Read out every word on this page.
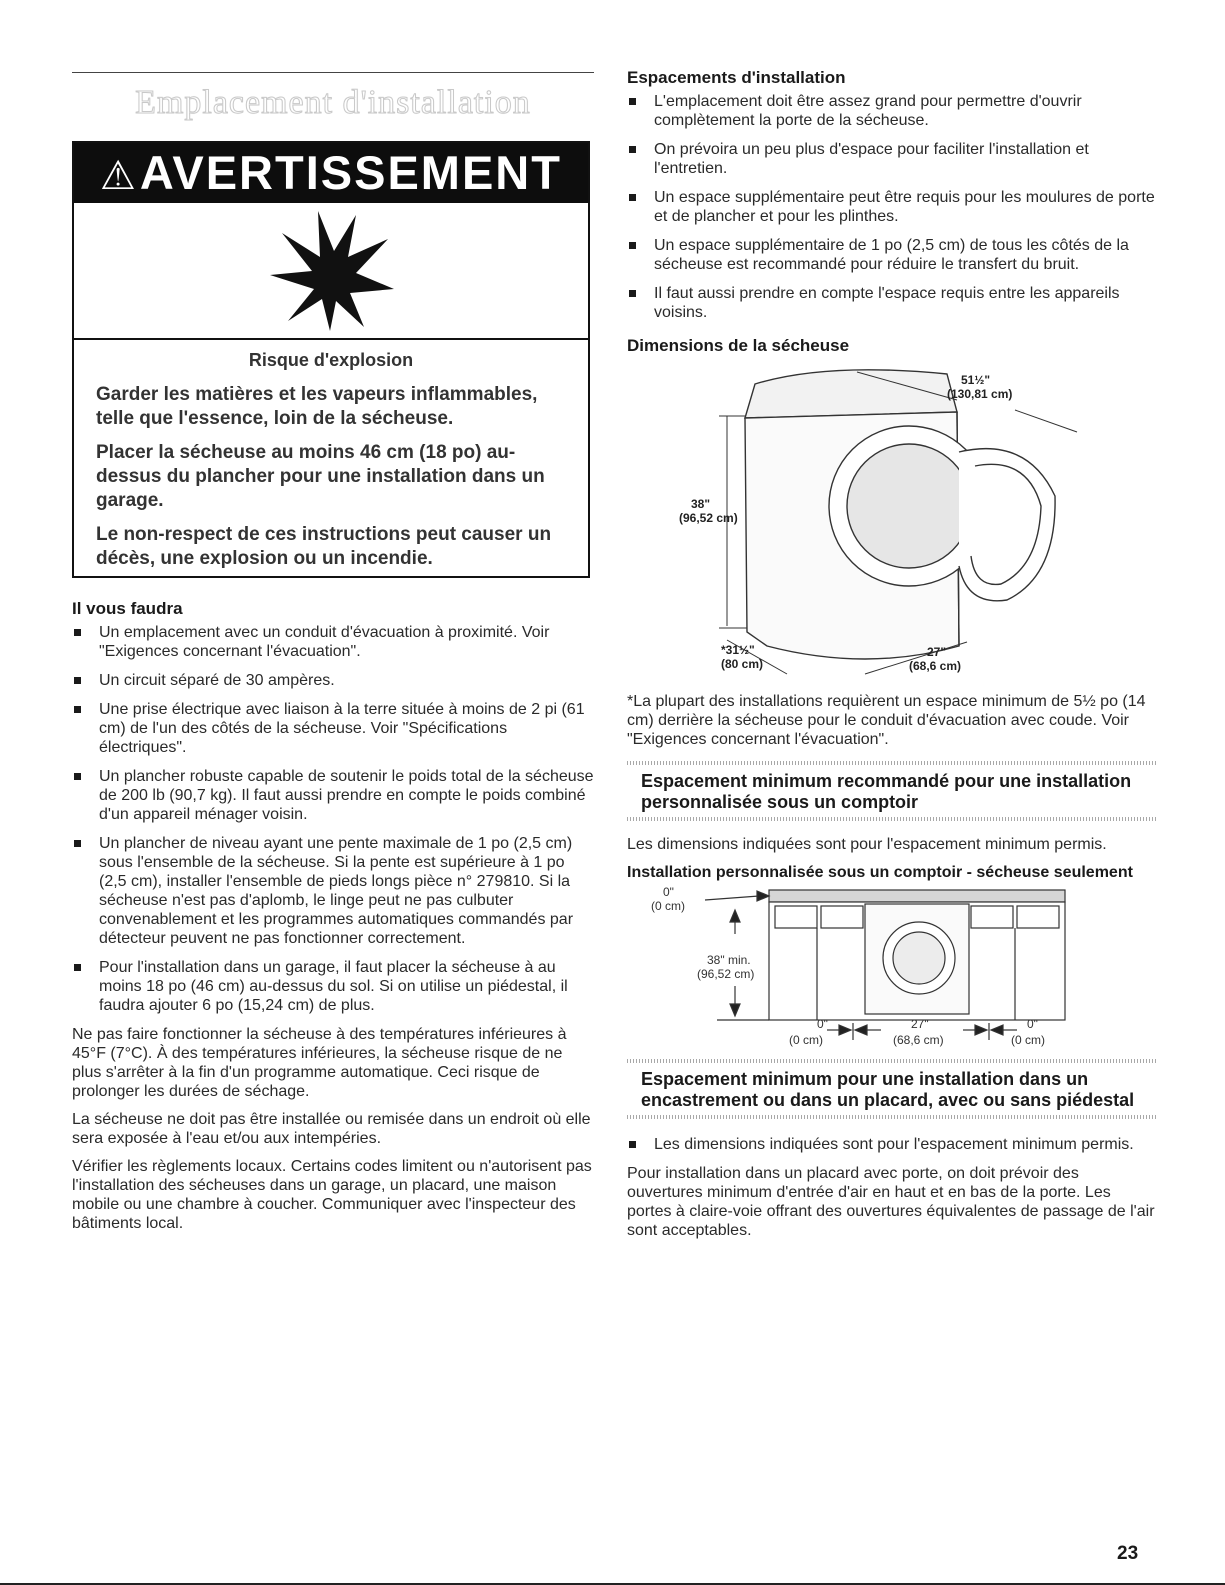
Emplacement d'installation
⚠AVERTISSEMENT
Risque d'explosion

Garder les matières et les vapeurs inflammables, telle que l'essence, loin de la sécheuse.

Placer la sécheuse au moins 46 cm (18 po) au-dessus du plancher pour une installation dans un garage.

Le non-respect de ces instructions peut causer un décès, une explosion ou un incendie.

Il vous faudra
Un emplacement avec un conduit d'évacuation à proximité. Voir "Exigences concernant l'évacuation".
Un circuit séparé de 30 ampères.
Une prise électrique avec liaison à la terre située à moins de 2 pi (61 cm) de l'un des côtés de la sécheuse. Voir "Spécifications électriques".
Un plancher robuste capable de soutenir le poids total de la sécheuse de 200 lb (90,7 kg). Il faut aussi prendre en compte le poids combiné d'un appareil ménager voisin.
Un plancher de niveau ayant une pente maximale de 1 po (2,5 cm) sous l'ensemble de la sécheuse. Si la pente est supérieure à 1 po (2,5 cm), installer l'ensemble de pieds longs pièce n° 279810. Si la sécheuse n'est pas d'aplomb, le linge peut ne pas culbuter convenablement et les programmes automatiques commandés par détecteur peuvent ne pas fonctionner correctement.
Pour l'installation dans un garage, il faut placer la sécheuse à au moins 18 po (46 cm) au-dessus du sol. Si on utilise un piédestal, il faudra ajouter 6 po (15,24 cm) de plus.

Ne pas faire fonctionner la sécheuse à des températures inférieures à 45°F (7°C). À des températures inférieures, la sécheuse risque de ne plus s'arrêter à la fin d'un programme automatique. Ceci risque de prolonger les durées de séchage.

La sécheuse ne doit pas être installée ou remisée dans un endroit où elle sera exposée à l'eau et/ou aux intempéries.

Vérifier les règlements locaux. Certains codes limitent ou n'autorisent pas l'installation des sécheuses dans un garage, un placard, une maison mobile ou une chambre à coucher. Communiquer avec l'inspecteur des bâtiments local.

Espacements d'installation
L'emplacement doit être assez grand pour permettre d'ouvrir complètement la porte de la sécheuse.
On prévoira un peu plus d'espace pour faciliter l'installation et l'entretien.
Un espace supplémentaire peut être requis pour les moulures de porte et de plancher et pour les plinthes.
Un espace supplémentaire de 1 po (2,5 cm) de tous les côtés de la sécheuse est recommandé pour réduire le transfert du bruit.
Il faut aussi prendre en compte l'espace requis entre les appareils voisins.
Dimensions de la sécheuse
51½"
(130,81 cm)
38"
(96,52 cm)
*31½"
(80 cm)
27"
(68,6 cm)

*La plupart des installations requièrent un espace minimum de 5½ po (14 cm) derrière la sécheuse pour le conduit d'évacuation avec coude. Voir "Exigences concernant l'évacuation".

Espacement minimum recommandé pour une installation personnalisée sous un comptoir

Les dimensions indiquées sont pour l'espacement minimum permis.

Installation personnalisée sous un comptoir - sécheuse seulement
0"
(0 cm)
38" min.
(96,52 cm)
0"
(0 cm)
27"
(68,6 cm)
0"
(0 cm)
Espacement minimum pour une installation dans un encastrement ou dans un placard, avec ou sans piédestal
Les dimensions indiquées sont pour l'espacement minimum permis.

Pour installation dans un placard avec porte, on doit prévoir des ouvertures minimum d'entrée d'air en haut et en bas de la porte. Les portes à claire-voie offrant des ouvertures équivalentes de passage de l'air sont acceptables.

23
